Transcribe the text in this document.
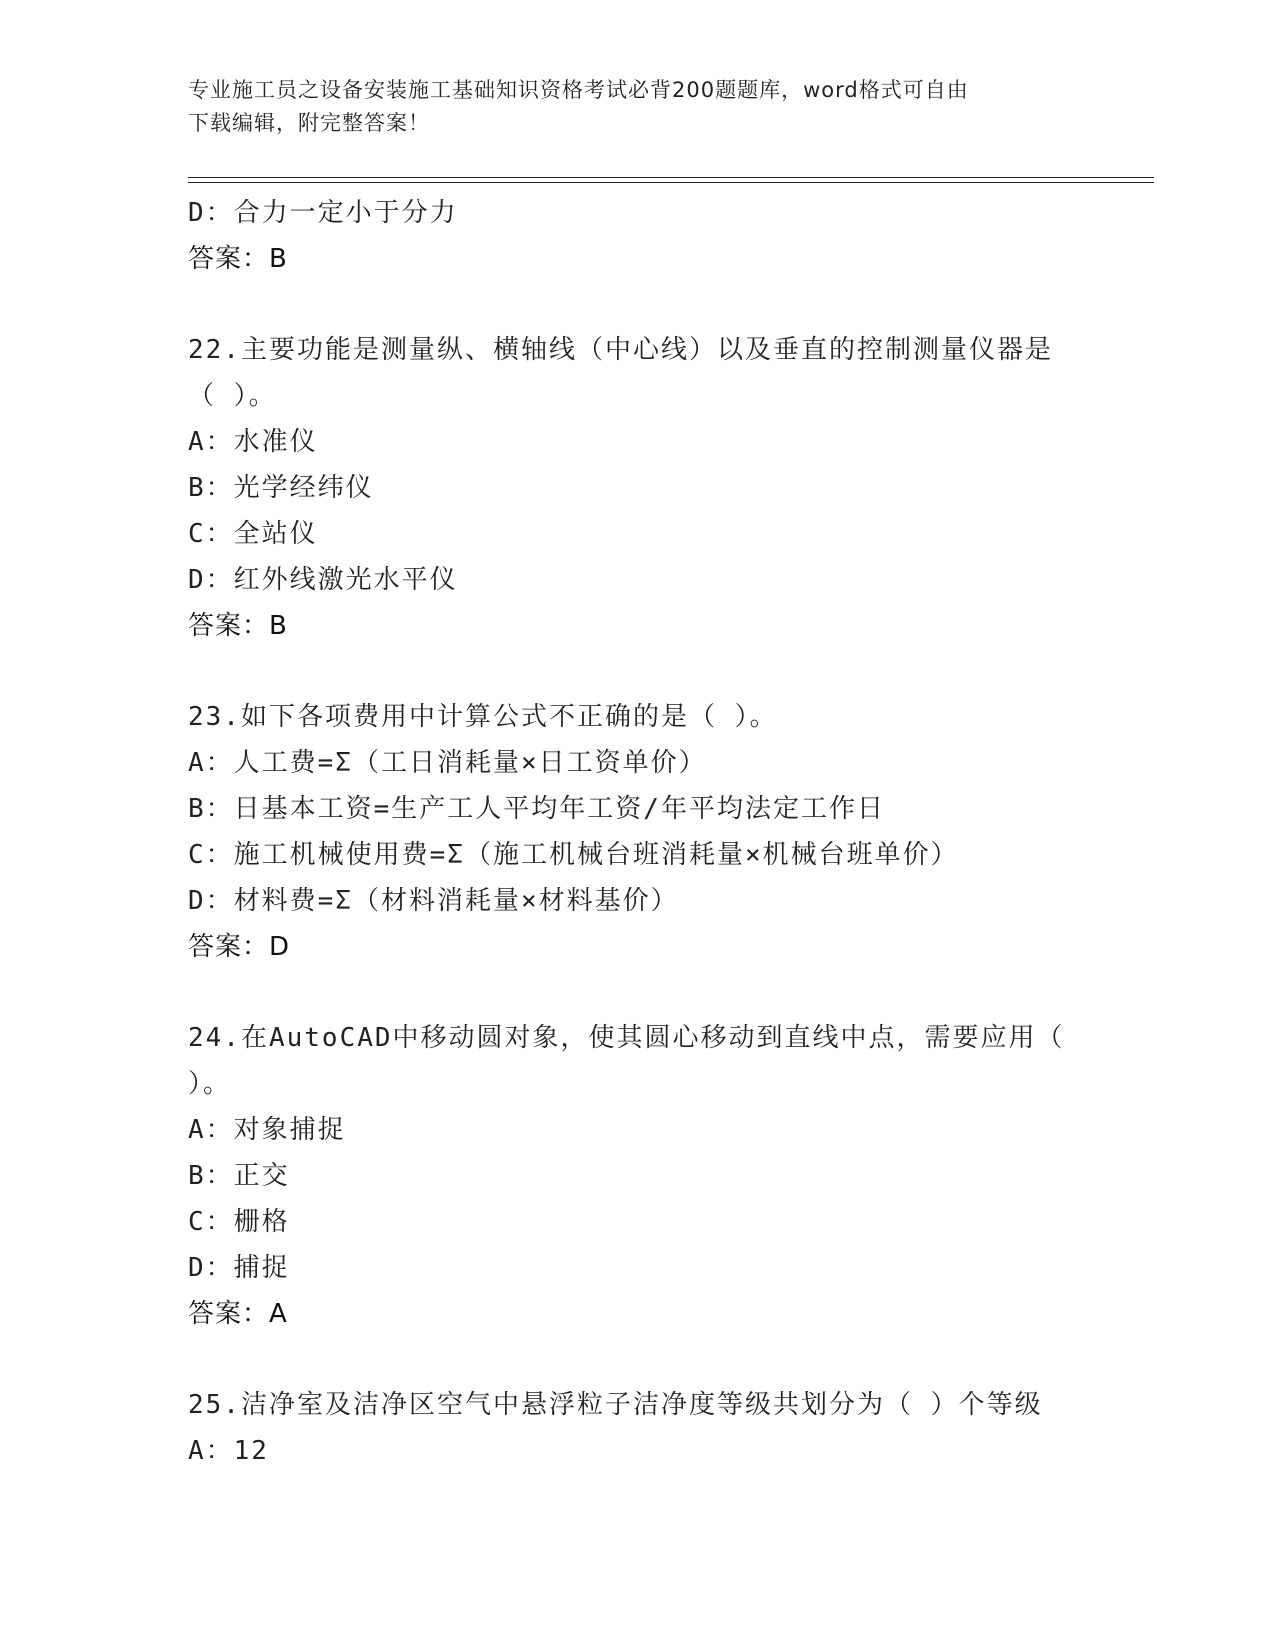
专业施工员之设备安装施工基础知识资格考试必背200题题库，word格式可自由
下载编辑，附完整答案！
D：合力一定小于分力
答案：B
22.主要功能是测量纵、横轴线（中心线）以及垂直的控制测量仪器是
（ ）。
A：水准仪
B：光学经纬仪
C：全站仪
D：红外线激光水平仪
答案：B
23.如下各项费用中计算公式不正确的是（ ）。
A：人工费=Σ（工日消耗量×日工资单价）
B：日基本工资=生产工人平均年工资/年平均法定工作日
C：施工机械使用费=Σ（施工机械台班消耗量×机械台班单价）
D：材料费=Σ（材料消耗量×材料基价）
答案：D
24.在AutoCAD中移动圆对象，使其圆心移动到直线中点，需要应用（
）。
A：对象捕捉
B：正交
C：栅格
D：捕捉
答案：A
25.洁净室及洁净区空气中悬浮粒子洁净度等级共划分为（ ）个等级
A：12
